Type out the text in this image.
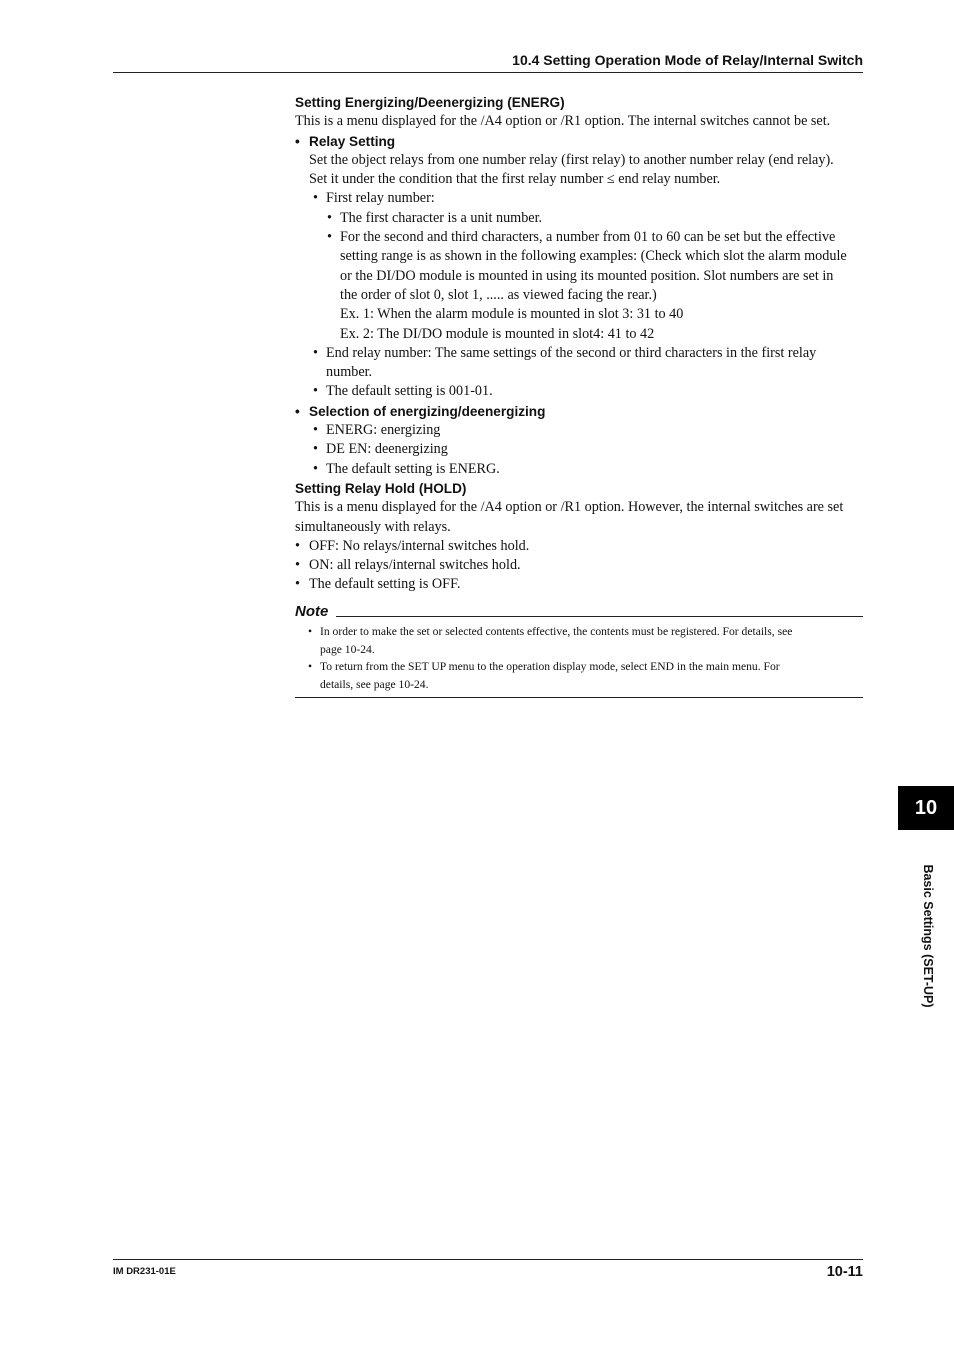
10.4 Setting Operation Mode of Relay/Internal Switch

Setting Energizing/Deenergizing (ENERG)

This is a menu displayed for the /A4 option or /R1 option. The internal switches cannot be set.

• Relay Setting

Set the object relays from one number relay (first relay) to another number relay (end relay).

Set it under the condition that the first relay number ≤ end relay number.

• First relay number:
• The first character is a unit number.
• For the second and third characters, a number from 01 to 60 can be set but the effective

setting range is as shown in the following examples: (Check which slot the alarm module

or the DI/DO module is mounted in using its mounted position. Slot numbers are set in

the order of slot 0, slot 1, ..... as viewed facing the rear.)

Ex. 1: When the alarm module is mounted in slot 3: 31 to 40

Ex. 2: The DI/DO module is mounted in slot4: 41 to 42

• End relay number: The same settings of the second or third characters in the first relay

number.

• The default setting is 001-01.
• Selection of energizing/deenergizing
• ENERG: energizing
• DE EN: deenergizing
• The default setting is ENERG.

Setting Relay Hold (HOLD)

This is a menu displayed for the /A4 option or /R1 option. However, the internal switches are set

simultaneously with relays.

• OFF: No relays/internal switches hold.
• ON: all relays/internal switches hold.
• The default setting is OFF.
Note
• In order to make the set or selected contents effective, the contents must be registered. For details, see

page 10-24.

• To return from the SET UP menu to the operation display mode, select END in the main menu. For

details, see page 10-24.

10
Basic Settings (SET-UP)
IM DR231-01E	10-11
